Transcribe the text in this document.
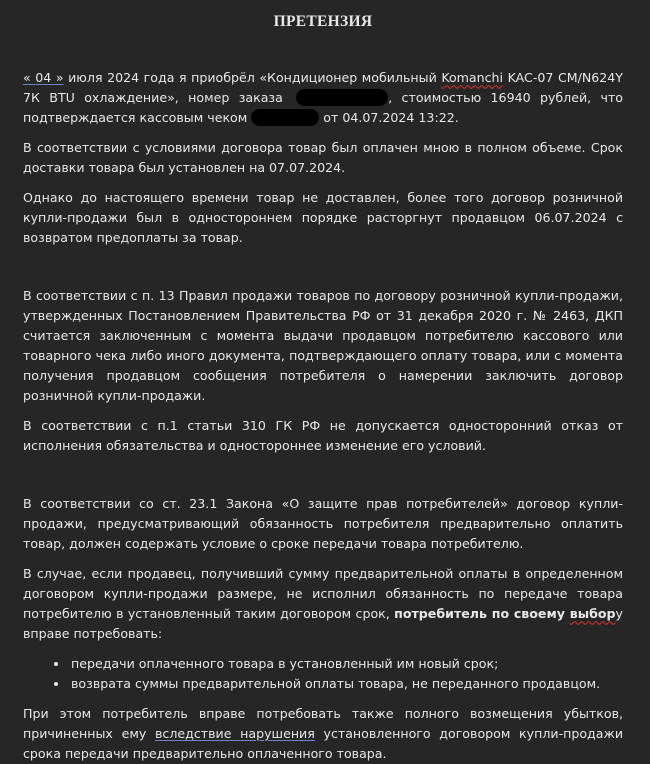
ПРЕТЕНЗИЯ

« 04 » июля 2024 года я приобрёл «Кондиционер мобильный Komanchi KAC-07 CM/N624Y 7К BTU охлаждение», номер заказа	, стоимостью 16940 рублей, что подтверждается кассовым чеком	от 04.07.2024 13:22.

В соответствии с условиями договора товар был оплачен мною в полном объеме. Срок доставки товара был установлен на 07.07.2024.

Однако до настоящего времени товар не доставлен, более того договор розничной купли-продажи был в одностороннем порядке расторгнут продавцом 06.07.2024 с возвратом предоплаты за товар.

В соответствии с п. 13 Правил продажи товаров по договору розничной купли-продажи, утвержденных Постановлением Правительства РФ от 31 декабря 2020 г. № 2463, ДКП считается заключенным с момента выдачи продавцом потребителю кассового или товарного чека либо иного документа, подтверждающего оплату товара, или с момента получения продавцом сообщения потребителя о намерении заключить договор розничной купли-продажи.

В соответствии с п.1 статьи 310 ГК РФ не допускается односторонний отказ от исполнения обязательства и одностороннее изменение его условий.

В соответствии со ст. 23.1 Закона «О защите прав потребителей» договор купли-продажи, предусматривающий обязанность потребителя предварительно оплатить товар, должен содержать условие о сроке передачи товара потребителю.

В случае, если продавец, получивший сумму предварительной оплаты в определенном договором купли-продажи размере, не исполнил обязанность по передаче товара потребителю в установленный таким договором срок, потребитель по своему выбору вправе потребовать:

• передачи оплаченного товара в установленный им новый срок;
• возврата суммы предварительной оплаты товара, не переданного продавцом.

При этом потребитель вправе потребовать также полного возмещения убытков, причиненных ему вследствие нарушения установленного договором купли-продажи срока передачи предварительно оплаченного товара.
